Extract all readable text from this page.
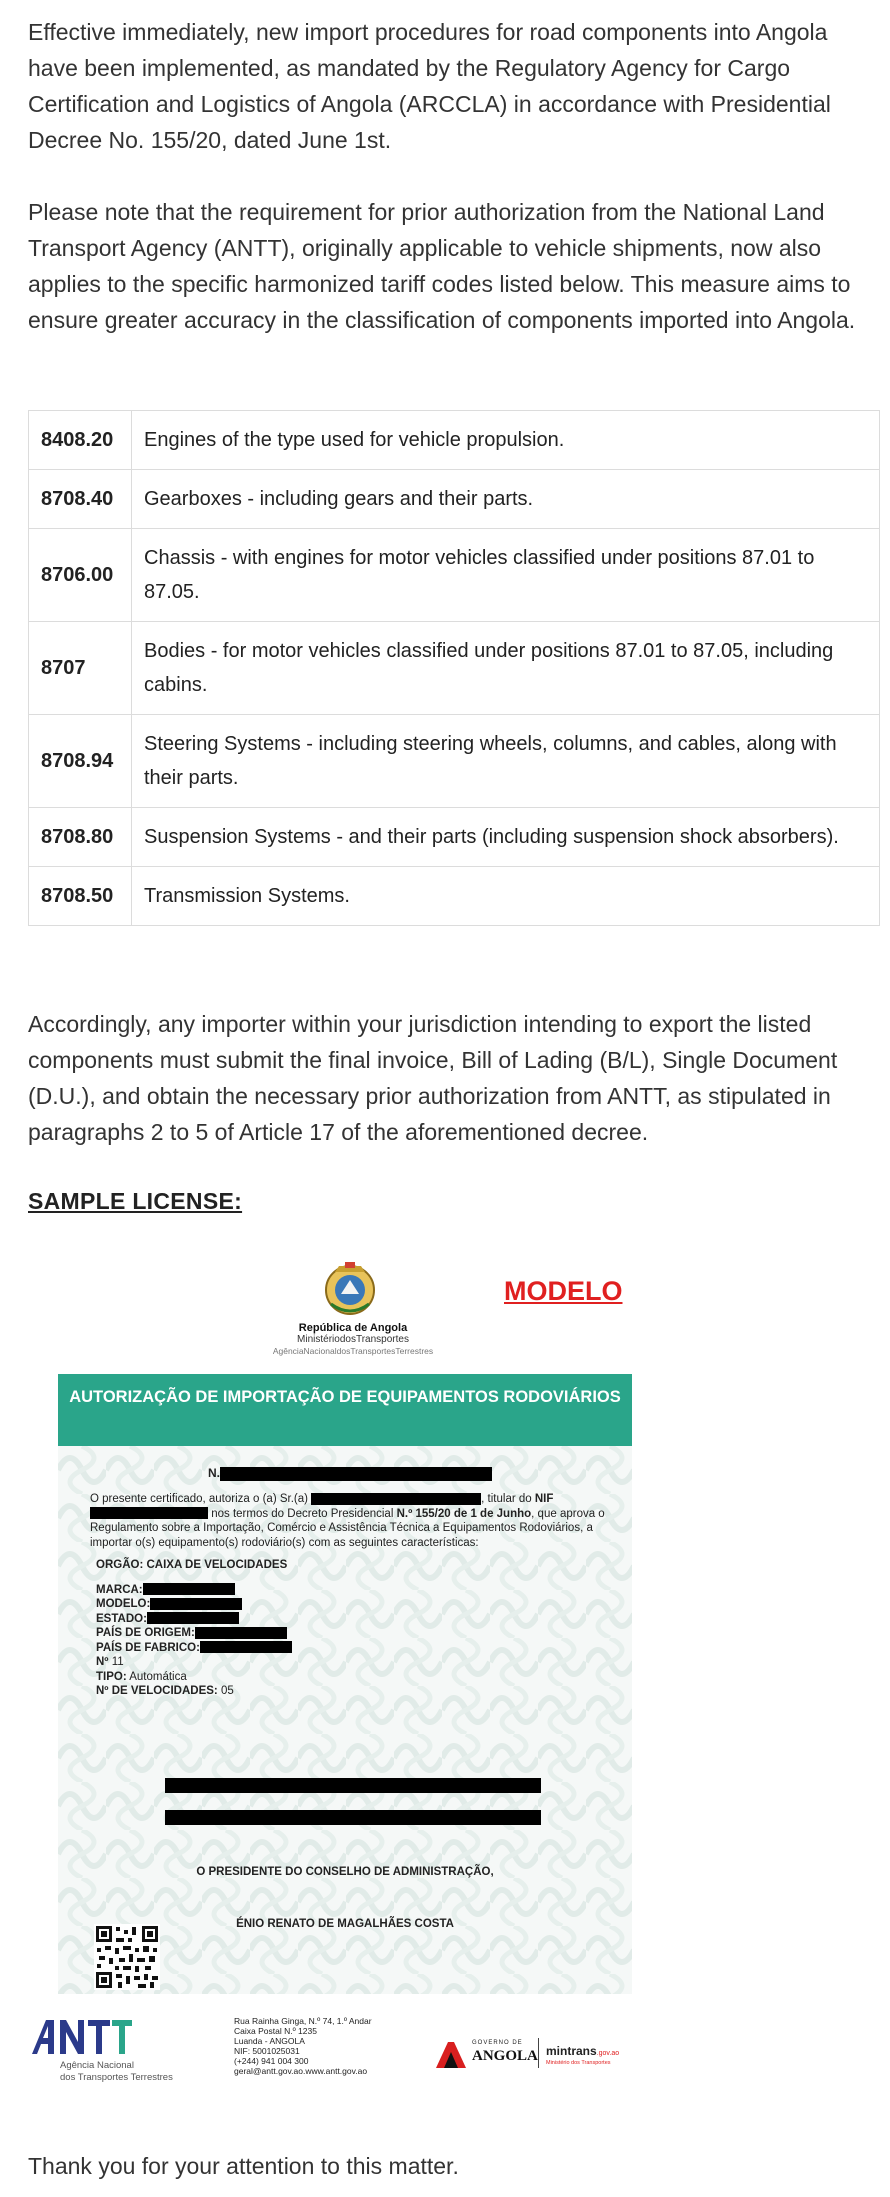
Effective immediately, new import procedures for road components into Angola have been implemented, as mandated by the Regulatory Agency for Cargo Certification and Logistics of Angola (ARCCLA) in accordance with Presidential Decree No. 155/20, dated June 1st.

Please note that the requirement for prior authorization from the National Land Transport Agency (ANTT), originally applicable to vehicle shipments, now also applies to the specific harmonized tariff codes listed below. This measure aims to ensure greater accuracy in the classification of components imported into Angola.

8408.20	Engines of the type used for vehicle propulsion.
8708.40	Gearboxes - including gears and their parts.
8706.00	Chassis - with engines for motor vehicles classified under positions 87.01 to 87.05.
8707	Bodies - for motor vehicles classified under positions 87.01 to 87.05, including cabins.
8708.94	Steering Systems - including steering wheels, columns, and cables, along with their parts.
8708.80	Suspension Systems - and their parts (including suspension shock absorbers).
8708.50	Transmission Systems.

Accordingly, any importer within your jurisdiction intending to export the listed components must submit the final invoice, Bill of Lading (B/L), Single Document (D.U.), and obtain the necessary prior authorization from ANTT, as stipulated in paragraphs 2 to 5 of Article 17 of the aforementioned decree.

SAMPLE LICENSE:

Thank you for your attention to this matter.

República de Angola
MinistériodosTransportes
AgênciaNacionaldosTransportesTerrestres
MODELO
AUTORIZAÇÃO DE IMPORTAÇÃO DE EQUIPAMENTOS RODOVIÁRIOS
N.
O presente certificado, autoriza o (a) Sr.(a)	, titular do NIF
nos termos do Decreto Presidencial N.º 155/20 de 1 de Junho, que aprova o Regulamento sobre a Importação, Comércio e Assistência Técnica a Equipamentos Rodoviários, a importar o(s) equipamento(s) rodoviário(s) com as seguintes características:
ORGÃO: CAIXA DE VELOCIDADES
MARCA:
MODELO:
ESTADO:
PAÍS DE ORIGEM:
PAÍS DE FABRICO:
Nº 11
TIPO: Automática
Nº DE VELOCIDADES: 05
O PRESIDENTE DO CONSELHO DE ADMINISTRAÇÃO,
ÉNIO RENATO DE MAGALHÃES COSTA
Agência Nacional
dos Transportes Terrestres
Rua Rainha Ginga, N.º 74, 1.º Andar
Caixa Postal N.º 1235
Luanda - ANGOLA
NIF: 5001025031
(+244) 941 004 300
geral@antt.gov.ao.www.antt.gov.ao
GOVERNO DE
ANGOLA mintrans.gov.ao
Ministério dos Transportes
